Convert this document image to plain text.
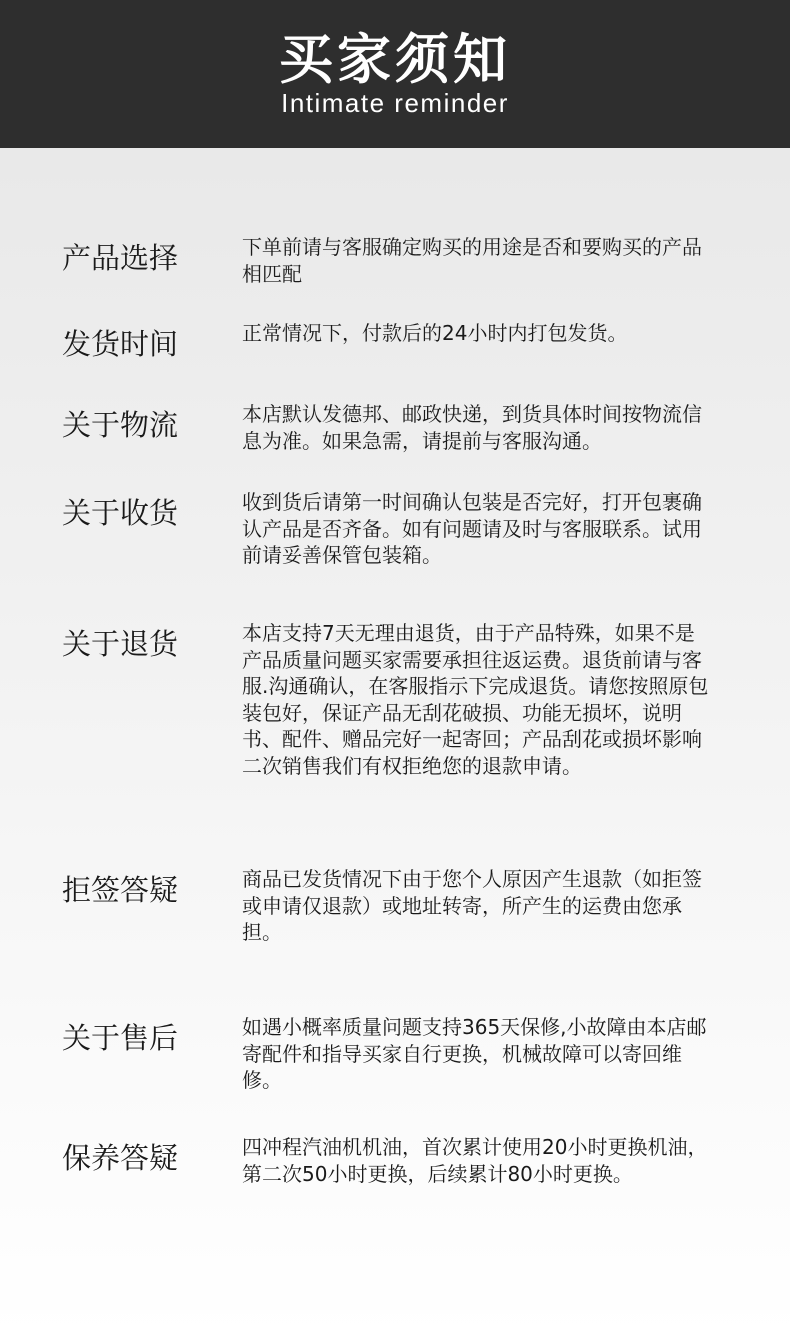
买家须知
Intimate reminder
产品选择	下单前请与客服确定购买的用途是否和要购买的产品相匹配

发货时间	正常情况下，付款后的24小时内打包发货。

关于物流	本店默认发德邦、邮政快递，到货具体时间按物流信息为准。如果急需，请提前与客服沟通。

关于收货	收到货后请第一时间确认包装是否完好，打开包裹确认产品是否齐备。如有问题请及时与客服联系。试用前请妥善保管包装箱。

关于退货	本店支持7天无理由退货，由于产品特殊，如果不是产品质量问题买家需要承担往返运费。退货前请与客服.沟通确认，在客服指示下完成退货。请您按照原包装包好，保证产品无刮花破损、功能无损坏，说明书、配件、赠品完好一起寄回；产品刮花或损坏影响二次销售我们有权拒绝您的退款申请。

拒签答疑	商品已发货情况下由于您个人原因产生退款（如拒签或申请仅退款）或地址转寄，所产生的运费由您承担。

关于售后	如遇小概率质量问题支持365天保修,小故障由本店邮寄配件和指导买家自行更换，机械故障可以寄回维修。

保养答疑	四冲程汽油机机油，首次累计使用20小时更换机油，第二次50小时更换，后续累计80小时更换。
